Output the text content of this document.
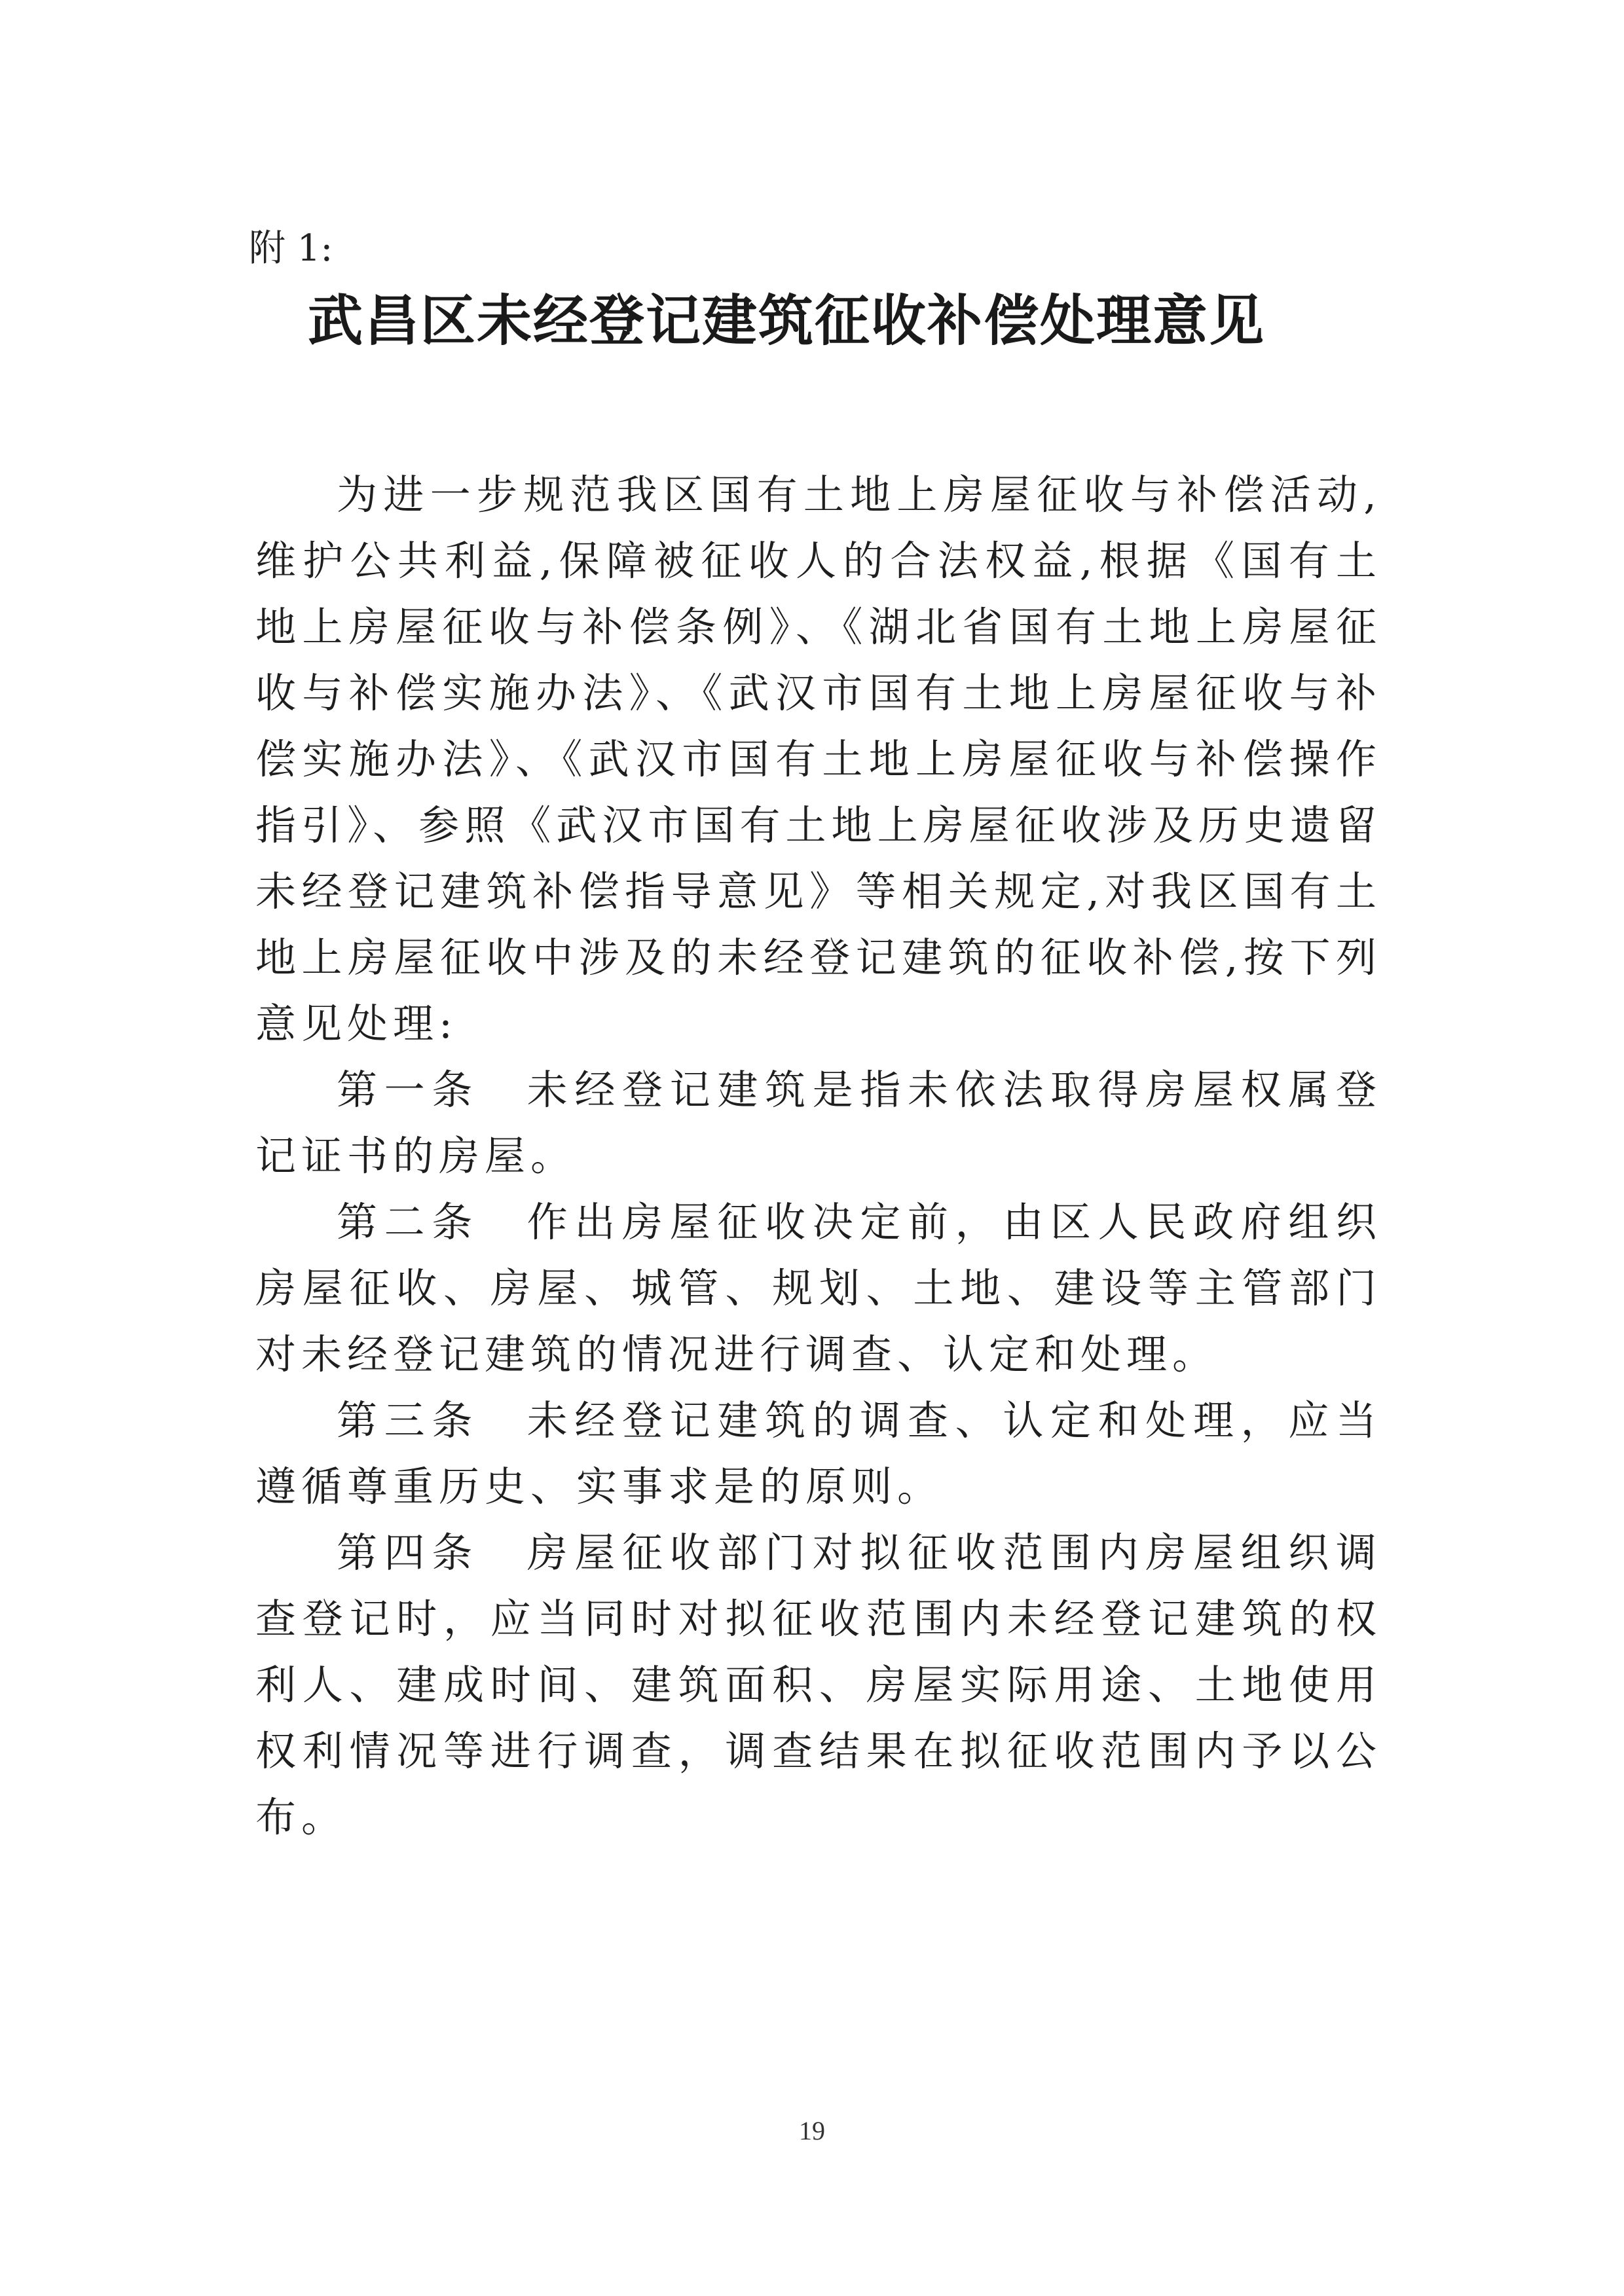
附 1:
武昌区未经登记建筑征收补偿处理意见

为进一步规范我区国有土地上房屋征收与补偿活动,维护公共利益,保障被征收人的合法权益,根据《国有土地上房屋征收与补偿条例》、《湖北省国有土地上房屋征收与补偿实施办法》、《武汉市国有土地上房屋征收与补偿实施办法》、《武汉市国有土地上房屋征收与补偿操作指引》、参照《武汉市国有土地上房屋征收涉及历史遗留未经登记建筑补偿指导意见》等相关规定,对我区国有土地上房屋征收中涉及的未经登记建筑的征收补偿,按下列意见处理:

第一条　 未经登记建筑是指未依法取得房屋权属登记证书的房屋。

第二条　 作出房屋征收决定前，由区人民政府组织房屋征收、房屋、城管、规划、土地、建设等主管部门对未经登记建筑的情况进行调查、认定和处理。

第三条　 未经登记建筑的调查、认定和处理，应当遵循尊重历史、实事求是的原则。

第四条　 房屋征收部门对拟征收范围内房屋组织调查登记时，应当同时对拟征收范围内未经登记建筑的权利人、建成时间、建筑面积、房屋实际用途、土地使用权利情况等进行调查，调查结果在拟征收范围内予以公布。

19
